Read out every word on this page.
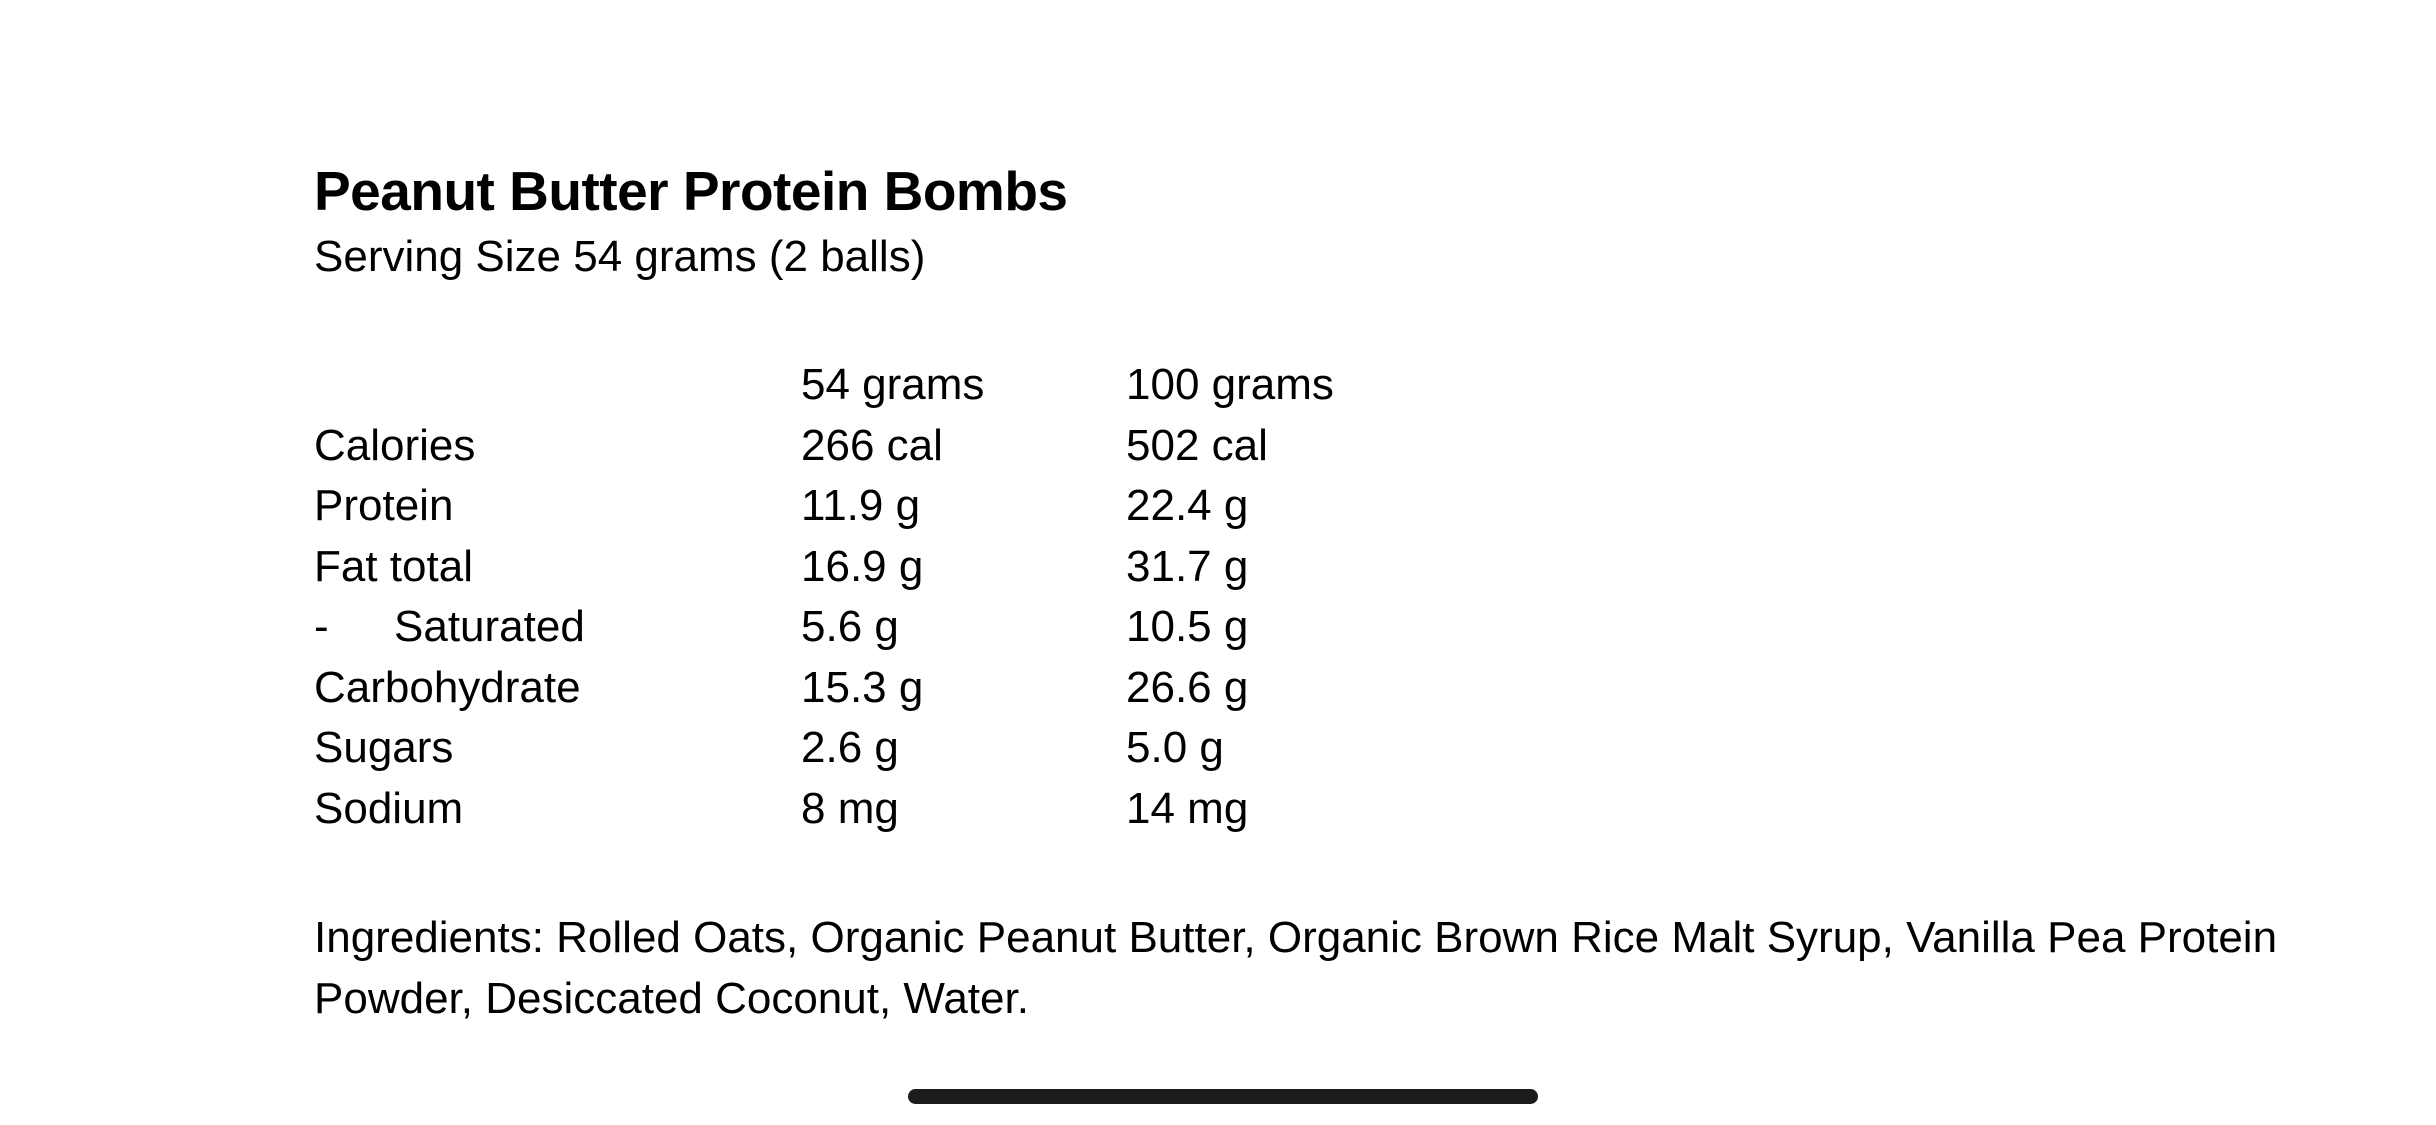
Peanut Butter Protein Bombs

Serving Size 54 grams (2 balls)

	54 grams	100 grams
Calories	266 cal	502 cal
Protein	11.9 g	22.4 g
Fat total	16.9 g	31.7 g
- Saturated	5.6 g	10.5 g
Carbohydrate	15.3 g	26.6 g
Sugars	2.6 g	5.0 g
Sodium	8 mg	14 mg
Ingredients: Rolled Oats, Organic Peanut Butter, Organic Brown Rice Malt Syrup, Vanilla Pea Protein Powder, Desiccated Coconut, Water.
